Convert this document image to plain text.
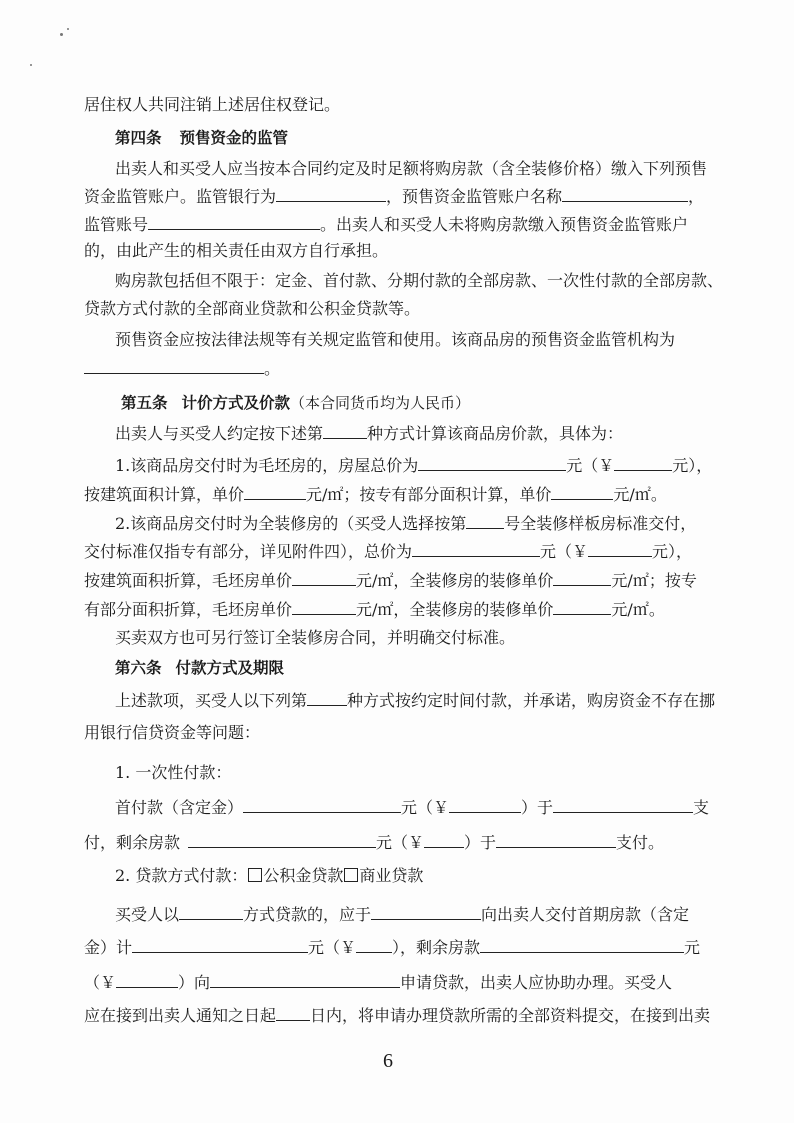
居住权人共同注销上述居住权登记。
第四条 预售资金的监管
出卖人和买受人应当按本合同约定及时足额将购房款（含全装修价格）缴入下列预售
资金监管账户。监管银行为	，预售资金监管账户名称	，
监管账号	。出卖人和买受人未将购房款缴入预售资金监管账户
的，由此产生的相关责任由双方自行承担。
购房款包括但不限于：定金、首付款、分期付款的全部房款、一次性付款的全部房款、
贷款方式付款的全部商业贷款和公积金贷款等。
预售资金应按法律法规等有关规定监管和使用。该商品房的预售资金监管机构为
。
第五条 计价方式及价款（本合同货币均为人民币）
出卖人与买受人约定按下述第	种方式计算该商品房价款，具体为：
1.该商品房交付时为毛坯房的，房屋总价为	元（￥	元），
按建筑面积计算，单价	元/㎡；按专有部分面积计算，单价	元/㎡。
2.该商品房交付时为全装修房的（买受人选择按第 号全装修样板房标准交付，
交付标准仅指专有部分，详见附件四），总价为	元（￥	元），
按建筑面积折算，毛坯房单价	元/㎡，全装修房的装修单价	元/㎡；按专
有部分面积折算，毛坯房单价	元/㎡，全装修房的装修单价	元/㎡。
买卖双方也可另行签订全装修房合同，并明确交付标准。
第六条 付款方式及期限
上述款项，买受人以下列第	种方式按约定时间付款，并承诺，购房资金不存在挪
用银行信贷资金等问题：
1. 一次性付款：
首付款（含定金）	元（￥	）于	支
付，剩余房款	元（￥	）于	支付。
2. 贷款方式付款： 公积金贷款 商业贷款
买受人以	方式贷款的，应于	向出卖人交付首期房款（含定
金）计	元（￥ ），剩余房款	元
（￥	）向	申请贷款，出卖人应协助办理。买受人
应在接到出卖人通知之日起 日内，将申请办理贷款所需的全部资料提交，在接到出卖
6
